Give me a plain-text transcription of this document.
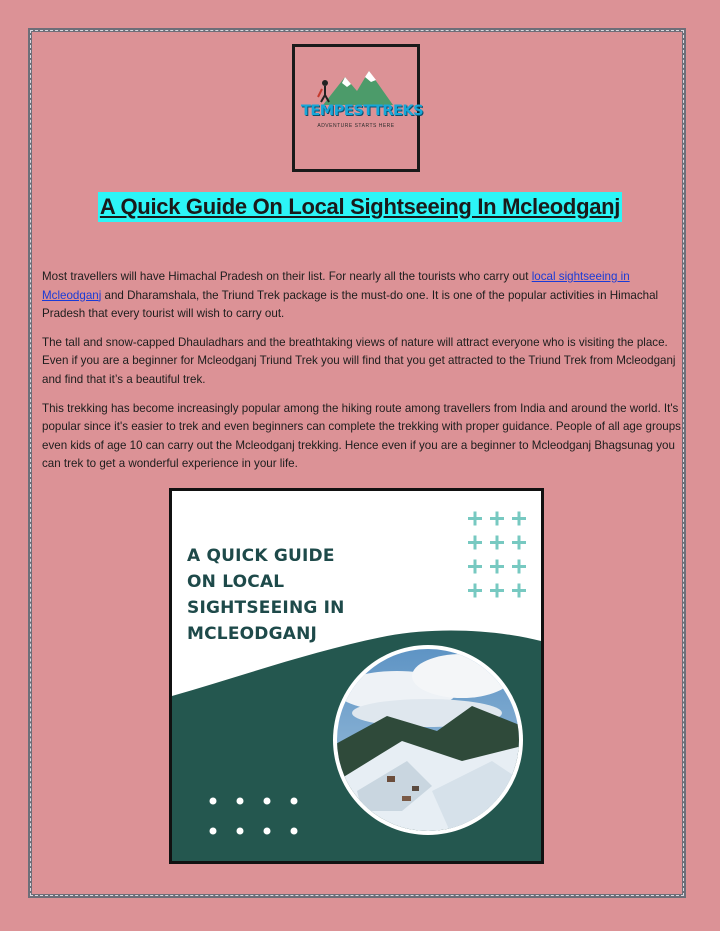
TEMPESTTREKS
ADVENTURE STARTS HERE
A Quick Guide On Local Sightseeing In Mcleodganj

Most travellers will have Himachal Pradesh on their list. For nearly all the tourists who carry out local sightseeing in Mcleodganj and Dharamshala, the Triund Trek package is the must-do one. It is one of the popular activities in Himachal Pradesh that every tourist will wish to carry out.

The tall and snow-capped Dhauladhars and the breathtaking views of nature will attract everyone who is visiting the place. Even if you are a beginner for Mcleodganj Triund Trek you will find that you get attracted to the Triund Trek from Mcleodganj and find that it’s a beautiful trek.

This trekking has become increasingly popular among the hiking route among travellers from India and around the world. It's popular since it's easier to trek and even beginners can complete the trekking with proper guidance. People of all age groups even kids of age 10 can carry out the Mcleodganj trekking. Hence even if you are a beginner to Mcleodganj Bhagsunag you can trek to get a wonderful experience in your life.

A QUICK GUIDE
ON LOCAL
SIGHTSEEING IN
MCLEODGANJ
